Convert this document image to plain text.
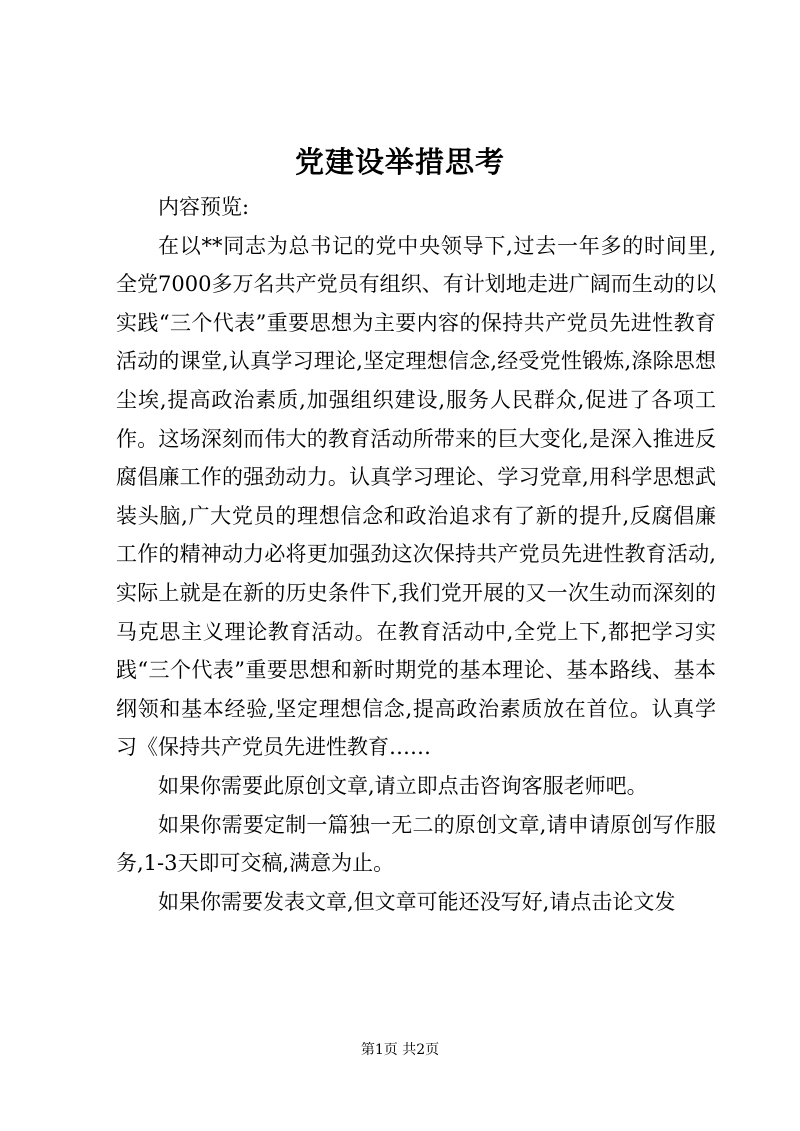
党建设举措思考

内容预览:

在以**同志为总书记的党中央领导下,过去一年多的时间里,全党7000多万名共产党员有组织、有计划地走进广阔而生动的以实践“三个代表”重要思想为主要内容的保持共产党员先进性教育活动的课堂,认真学习理论,坚定理想信念,经受党性锻炼,涤除思想尘埃,提高政治素质,加强组织建设,服务人民群众,促进了各项工作。这场深刻而伟大的教育活动所带来的巨大变化,是深入推进反腐倡廉工作的强劲动力。认真学习理论、学习党章,用科学思想武装头脑,广大党员的理想信念和政治追求有了新的提升,反腐倡廉工作的精神动力必将更加强劲这次保持共产党员先进性教育活动,实际上就是在新的历史条件下,我们党开展的又一次生动而深刻的马克思主义理论教育活动。在教育活动中,全党上下,都把学习实践“三个代表”重要思想和新时期党的基本理论、基本路线、基本纲领和基本经验,坚定理想信念,提高政治素质放在首位。认真学习《保持共产党员先进性教育……

如果你需要此原创文章,请立即点击咨询客服老师吧。

如果你需要定制一篇独一无二的原创文章,请申请原创写作服务,1-3天即可交稿,满意为止。

如果你需要发表文章,但文章可能还没写好,请点击论文发

第1页 共2页
